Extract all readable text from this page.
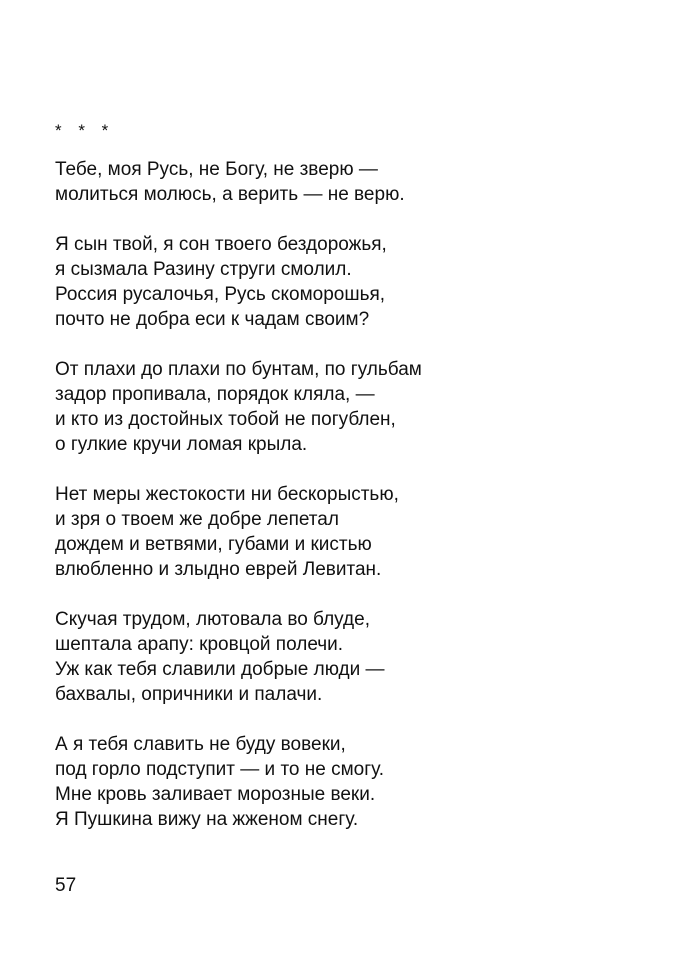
* * *
Тебе, моя Русь, не Богу, не зверю —
молиться молюсь, а верить — не верю.
Я сын твой, я сон твоего бездорожья,
я сызмала Разину струги смолил.
Россия русалочья, Русь скоморошья,
почто не добра еси к чадам своим?
От плахи до плахи по бунтам, по гульбам
задор пропивала, порядок кляла, —
и кто из достойных тобой не погублен,
о гулкие кручи ломая крыла.
Нет меры жестокости ни бескорыстью,
и зря о твоем же добре лепетал
дождем и ветвями, губами и кистью
влюбленно и злыдно еврей Левитан.
Скучая трудом, лютовала во блуде,
шептала арапу: кровцой полечи.
Уж как тебя славили добрые люди —
бахвалы, опричники и палачи.
А я тебя славить не буду вовеки,
под горло подступит — и то не смогу.
Мне кровь заливает морозные веки.
Я Пушкина вижу на жженом снегу.
57
